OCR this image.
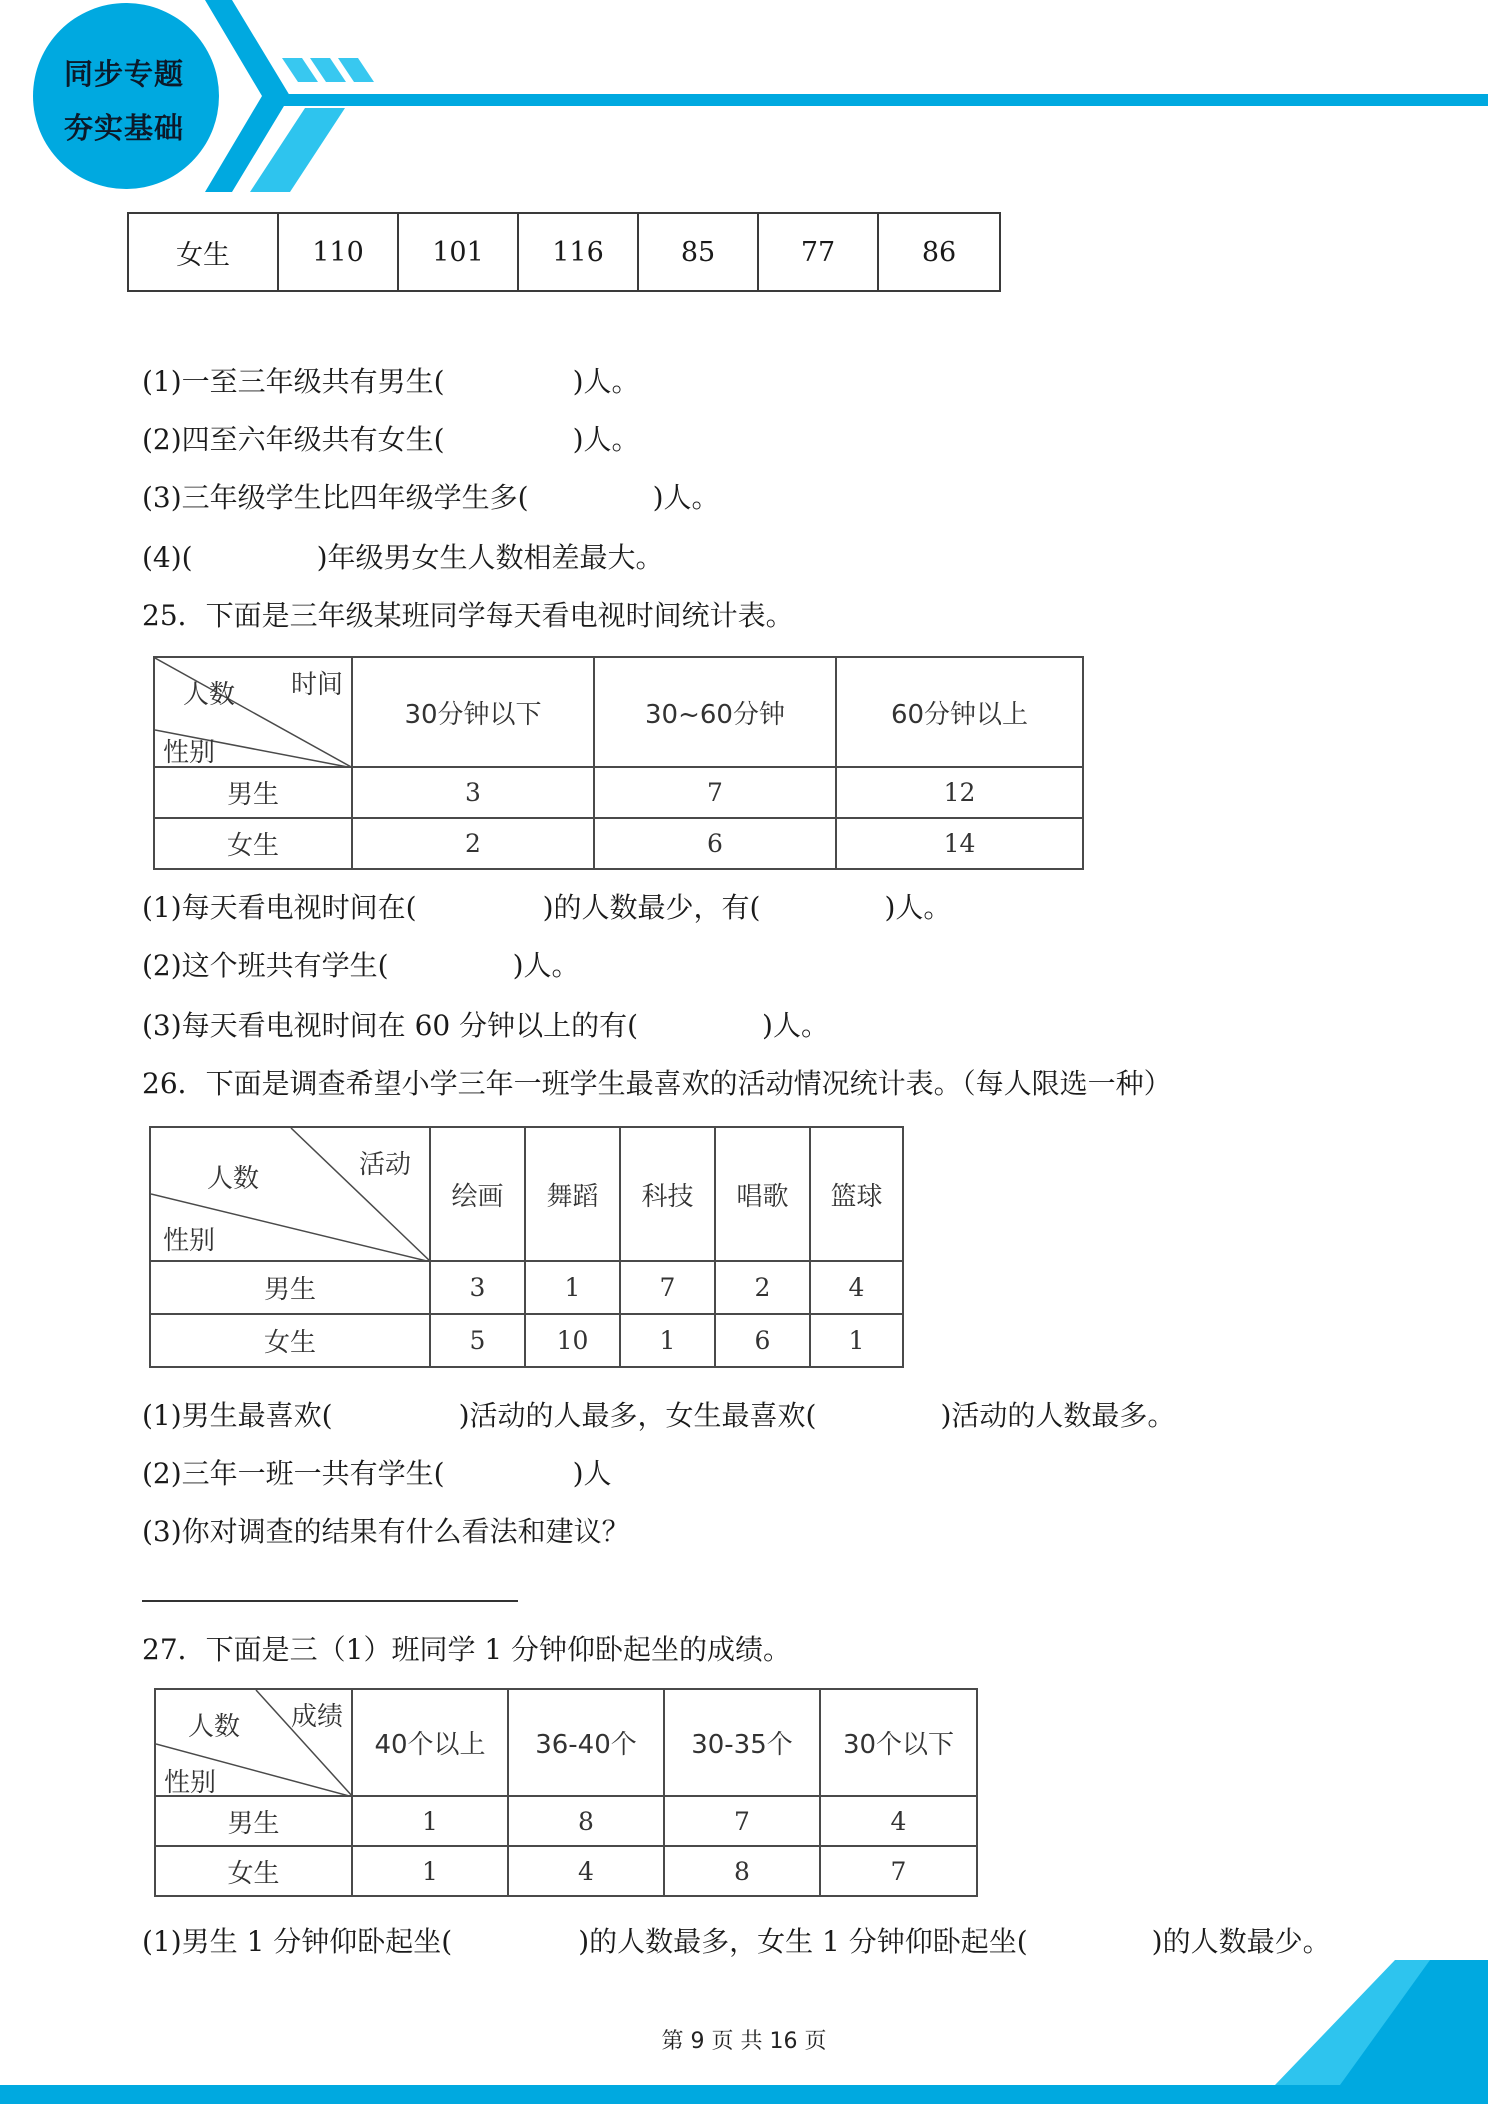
同步专题
夯实基础
女生	110	101	116	85	77	86
(1)一至三年级共有男生(	)人。
(2)四至六年级共有女生(	)人。
(3)三年级学生比四年级学生多(	)人。
(4)(	)年级男女生人数相差最大。
25．下面是三年级某班同学每天看电视时间统计表。
时间
人数
性别	30分钟以下	30~60分钟	60分钟以上
男生	3	7	12
女生	2	6	14
(1)每天看电视时间在(	)的人数最少，有(	)人。
(2)这个班共有学生(	)人。
(3)每天看电视时间在 60 分钟以上的有(	)人。
26．下面是调查希望小学三年一班学生最喜欢的活动情况统计表。（每人限选一种）
活动
人数
性别	绘画	舞蹈	科技	唱歌	篮球
男生	3	1	7	2	4
女生	5	10	1	6	1
(1)男生最喜欢(	)活动的人最多，女生最喜欢(	)活动的人数最多。
(2)三年一班一共有学生(	)人
(3)你对调查的结果有什么看法和建议？
27．下面是三（1）班同学 1 分钟仰卧起坐的成绩。
成绩
人数
性别	40个以上	36-40个	30-35个	30个以下
男生	1	8	7	4
女生	1	4	8	7
(1)男生 1 分钟仰卧起坐(	)的人数最多，女生 1 分钟仰卧起坐(	)的人数最少。
第 9 页 共 16 页
